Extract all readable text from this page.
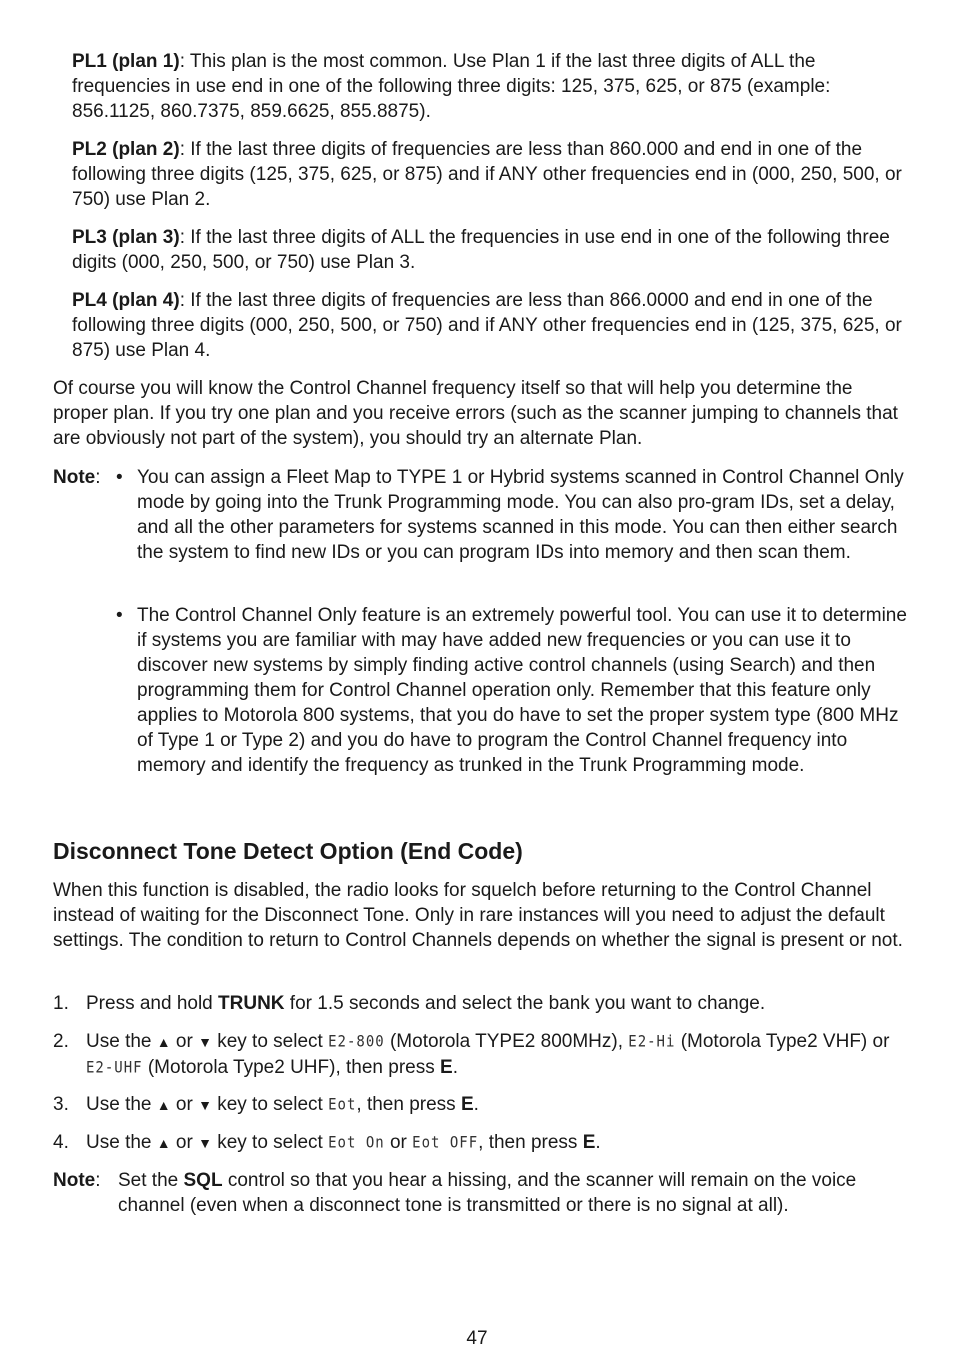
PL1 (plan 1): This plan is the most common. Use Plan 1 if the last three digits of ALL the frequencies in use end in one of the following three digits: 125, 375, 625, or 875 (example: 856.1125, 860.7375, 859.6625, 855.8875).

PL2 (plan 2): If the last three digits of frequencies are less than 860.000 and end in one of the following three digits (125, 375, 625, or 875) and if ANY other frequencies end in (000, 250, 500, or 750) use Plan 2.

PL3 (plan 3): If the last three digits of ALL the frequencies in use end in one of the following three digits (000, 250, 500, or 750) use Plan 3.

PL4 (plan 4): If the last three digits of frequencies are less than 866.0000 and end in one of the following three digits (000, 250, 500, or 750) and if ANY other frequencies end in (125, 375, 625, or 875) use Plan 4.

Of course you will know the Control Channel frequency itself so that will help you determine the proper plan. If you try one plan and you receive errors (such as the scanner jumping to channels that are obviously not part of the system), you should try an alternate Plan.

Note: • You can assign a Fleet Map to TYPE 1 or Hybrid systems scanned in Control Channel Only mode by going into the Trunk Programming mode. You can also pro-gram IDs, set a delay, and all the other parameters for systems scanned in this mode. You can then either search the system to find new IDs or you can program IDs into memory and then scan them.

• The Control Channel Only feature is an extremely powerful tool. You can use it to determine if systems you are familiar with may have added new frequencies or you can use it to discover new systems by simply finding active control channels (using Search) and then programming them for Control Channel operation only. Remember that this feature only applies to Motorola 800 systems, that you do have to set the proper system type (800 MHz of Type 1 or Type 2) and you do have to program the Control Channel frequency into memory and identify the frequency as trunked in the Trunk Programming mode.

Disconnect Tone Detect Option (End Code)

When this function is disabled, the radio looks for squelch before returning to the Control Channel instead of waiting for the Disconnect Tone. Only in rare instances will you need to adjust the default settings. The condition to return to Control Channels depends on whether the signal is present or not.

1. Press and hold TRUNK for 1.5 seconds and select the bank you want to change.

2. Use the ▲ or ▼ key to select E2-800 (Motorola TYPE2 800MHz), E2-Hi (Motorola Type2 VHF) or E2-UHF (Motorola Type2 UHF), then press E.

3. Use the ▲ or ▼ key to select Eot, then press E.

4. Use the ▲ or ▼ key to select Eot On or Eot OFF, then press E.

Note: Set the SQL control so that you hear a hissing, and the scanner will remain on the voice channel (even when a disconnect tone is transmitted or there is no signal at all).

47
